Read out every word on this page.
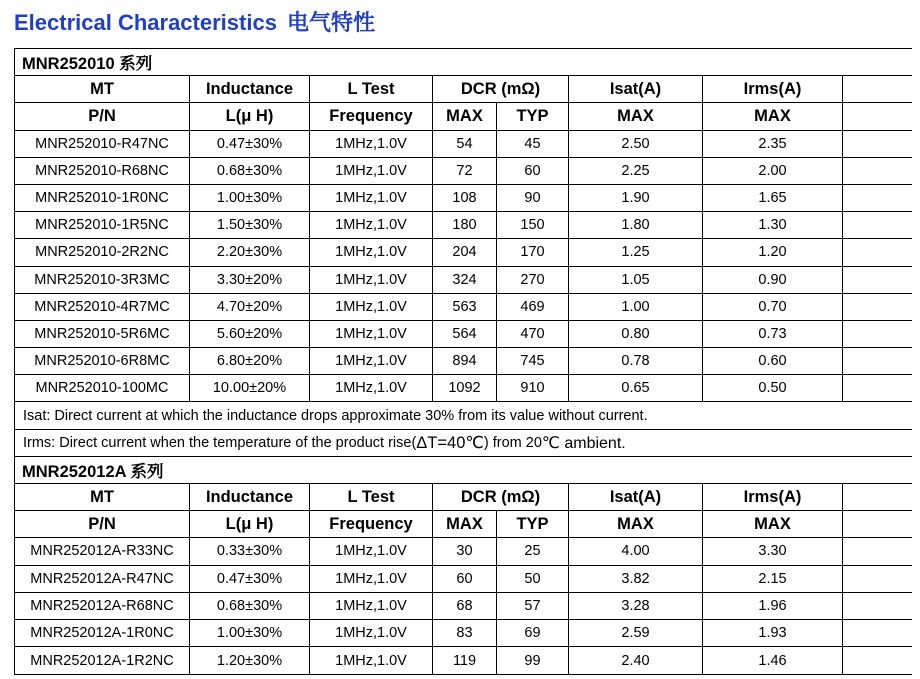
Electrical Characteristics 电气特性
MNR252010 系列
MT	Inductance	L Test	DCR (mΩ)	Isat(A)	Irms(A)
P/N	L(μ H)	Frequency	MAX	TYP	MAX	MAX
MNR252010-R47NC	0.47±30%	1MHz,1.0V	54	45	2.50	2.35
MNR252010-R68NC	0.68±30%	1MHz,1.0V	72	60	2.25	2.00
MNR252010-1R0NC	1.00±30%	1MHz,1.0V	108	90	1.90	1.65
MNR252010-1R5NC	1.50±30%	1MHz,1.0V	180	150	1.80	1.30
MNR252010-2R2NC	2.20±30%	1MHz,1.0V	204	170	1.25	1.20
MNR252010-3R3MC	3.30±20%	1MHz,1.0V	324	270	1.05	0.90
MNR252010-4R7MC	4.70±20%	1MHz,1.0V	563	469	1.00	0.70
MNR252010-5R6MC	5.60±20%	1MHz,1.0V	564	470	0.80	0.73
MNR252010-6R8MC	6.80±20%	1MHz,1.0V	894	745	0.78	0.60
MNR252010-100MC	10.00±20%	1MHz,1.0V	1092	910	0.65	0.50
Isat: Direct current at which the inductance drops approximate 30% from its value without current.
Irms: Direct current when the temperature of the product rise( ΔT=40℃ ) from 20 ℃ ambient.
MNR252012A 系列
MT	Inductance	L Test	DCR (mΩ)	Isat(A)	Irms(A)
P/N	L(μ H)	Frequency	MAX	TYP	MAX	MAX
MNR252012A-R33NC	0.33±30%	1MHz,1.0V	30	25	4.00	3.30
MNR252012A-R47NC	0.47±30%	1MHz,1.0V	60	50	3.82	2.15
MNR252012A-R68NC	0.68±30%	1MHz,1.0V	68	57	3.28	1.96
MNR252012A-1R0NC	1.00±30%	1MHz,1.0V	83	69	2.59	1.93
MNR252012A-1R2NC	1.20±30%	1MHz,1.0V	119	99	2.40	1.46
